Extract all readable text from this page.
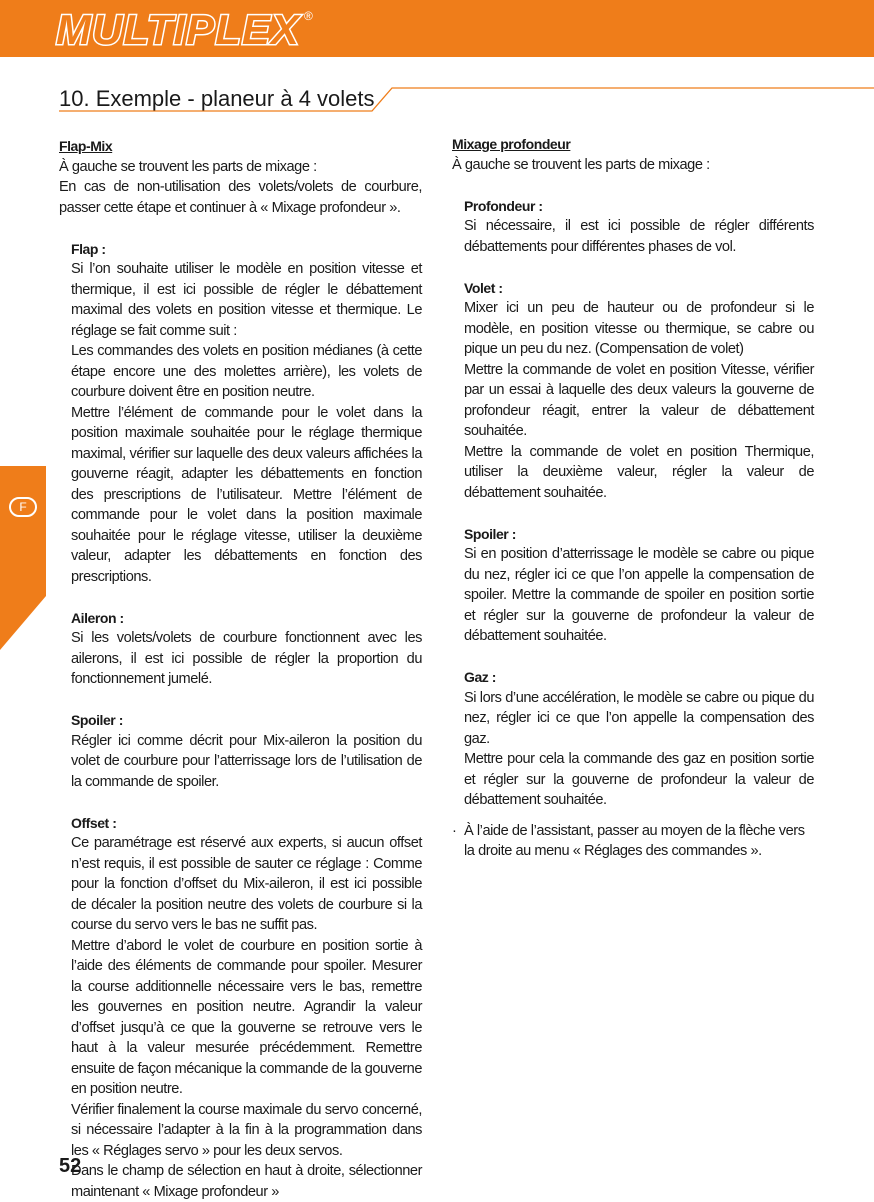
MULTIPLEX ®
10. Exemple - planeur à 4 volets
F

Flap-Mix

À gauche se trouvent les parts de mixage :

En cas de non-utilisation des volets/volets de courbure, passer cette étape et continuer à « Mixage profondeur ».

Flap :

Si l’on souhaite utiliser le modèle en position vitesse et thermique, il est ici possible de régler le débattement maximal des volets en position vitesse et thermique. Le réglage se fait comme suit :

Les commandes des volets en position médianes (à cette étape encore une des molettes arrière), les volets de courbure doivent être en position neutre.

Mettre l’élément de commande pour le volet dans la position maximale souhaitée pour le réglage thermique maximal, vérifier sur laquelle des deux valeurs affichées la gouverne réagit, adapter les débattements en fonction des prescriptions de l’utilisateur. Mettre l’élément de commande pour le volet dans la position maximale souhaitée pour le réglage vitesse, utiliser la deuxième valeur, adapter les débattements en fonction des prescriptions.

Aileron :

Si les volets/volets de courbure fonctionnent avec les ailerons, il est ici possible de régler la proportion du fonctionnement jumelé.

Spoiler :

Régler ici comme décrit pour Mix-aileron la position du volet de courbure pour l’atterrissage lors de l’utilisation de la commande de spoiler.

Offset :

Ce paramétrage est réservé aux experts, si aucun offset n’est requis, il est possible de sauter ce réglage : Comme pour la fonction d’offset du Mix-aileron, il est ici possible de décaler la position neutre des volets de courbure si la course du servo vers le bas ne suffit pas.

Mettre d’abord le volet de courbure en position sortie à l’aide des éléments de commande pour spoiler. Mesurer la course additionnelle nécessaire vers le bas, remettre les gouvernes en position neutre. Agrandir la valeur d’offset jusqu’à ce que la gouverne se retrouve vers le haut à la valeur mesurée précédemment. Remettre ensuite de façon mécanique la commande de la gouverne en position neutre.

Vérifier finalement la course maximale du servo concerné, si nécessaire l’adapter à la fin à la programmation dans les « Réglages servo » pour les deux servos.

Dans le champ de sélection en haut à droite, sélectionner maintenant « Mixage profondeur »

Mixage profondeur

À gauche se trouvent les parts de mixage :

Profondeur :

Si nécessaire, il est ici possible de régler différents débattements pour différentes phases de vol.

Volet :

Mixer ici un peu de hauteur ou de profondeur si le modèle, en position vitesse ou thermique, se cabre ou pique un peu du nez. (Compensation de volet)

Mettre la commande de volet en position Vitesse, vérifier par un essai à laquelle des deux valeurs la gouverne de profondeur réagit, entrer la valeur de débattement souhaitée.

Mettre la commande de volet en position Thermique, utiliser la deuxième valeur, régler la valeur de débattement souhaitée.

Spoiler :

Si en position d’atterrissage le modèle se cabre ou pique du nez, régler ici ce que l’on appelle la compensation de spoiler. Mettre la commande de spoiler en position sortie et régler sur la gouverne de profondeur la valeur de débattement souhaitée.

Gaz :

Si lors d’une accélération, le modèle se cabre ou pique du nez, régler ici ce que l’on appelle la compensation des gaz.

Mettre pour cela la commande des gaz en position sortie et régler sur la gouverne de profondeur la valeur de débattement souhaitée.

· À l’aide de l’assistant, passer au moyen de la flèche vers la droite au menu « Réglages des commandes ».

52
